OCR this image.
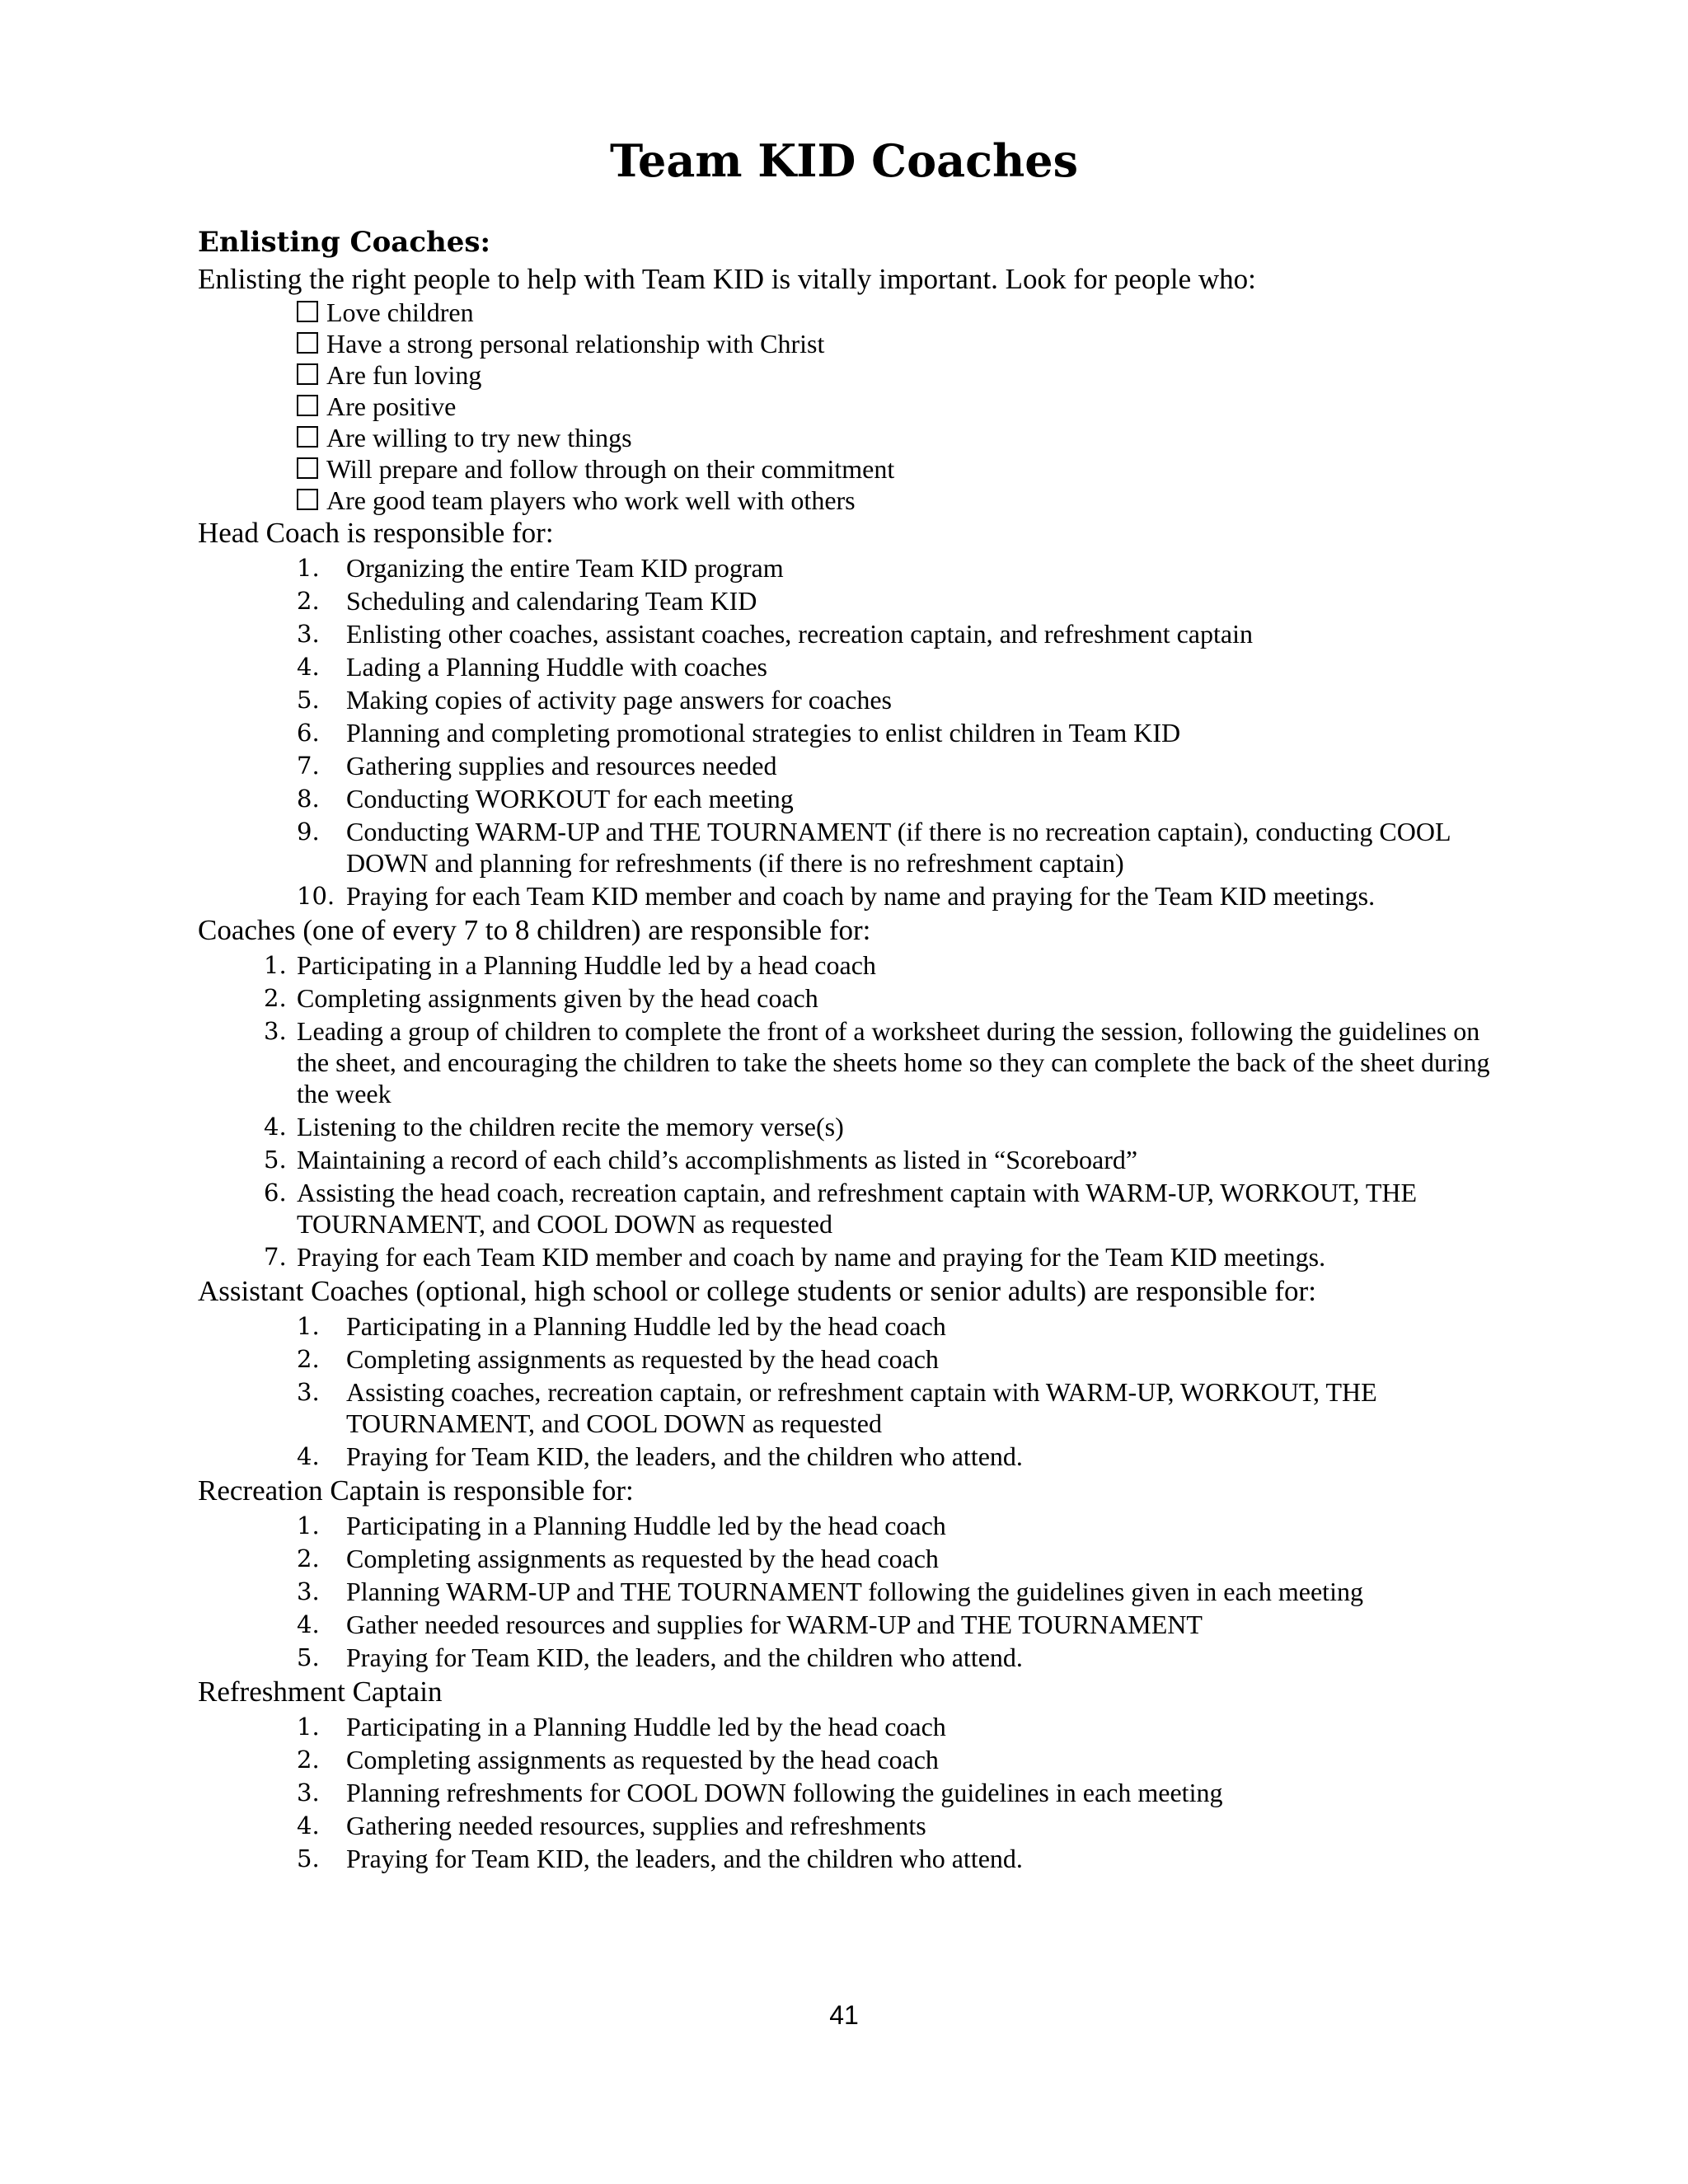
Team KID Coaches

Enlisting Coaches:

Enlisting the right people to help with Team KID is vitally important. Look for people who:

Love children
Have a strong personal relationship with Christ
Are fun loving
Are positive
Are willing to try new things
Will prepare and follow through on their commitment
Are good team players who work well with others

Head Coach is responsible for:

1.	Organizing the entire Team KID program
2.	Scheduling and calendaring Team KID
3.	Enlisting other coaches, assistant coaches, recreation captain, and refreshment captain
4.	Lading a Planning Huddle with coaches
5.	Making copies of activity page answers for coaches
6.	Planning and completing promotional strategies to enlist children in Team KID
7.	Gathering supplies and resources needed
8.	Conducting WORKOUT for each meeting
9.	Conducting WARM-UP and THE TOURNAMENT (if there is no recreation captain), conducting COOL DOWN and planning for refreshments (if there is no refreshment captain)
10. Praying for each Team KID member and coach by name and praying for the Team KID meetings.

Coaches (one of every 7 to 8 children) are responsible for:

1. Participating in a Planning Huddle led by a head coach
2. Completing assignments given by the head coach
3. Leading a group of children to complete the front of a worksheet during the session, following the guidelines on the sheet, and encouraging the children to take the sheets home so they can complete the back of the sheet during the week
4. Listening to the children recite the memory verse(s)
5. Maintaining a record of each child’s accomplishments as listed in “Scoreboard”
6. Assisting the head coach, recreation captain, and refreshment captain with WARM-UP, WORKOUT, THE TOURNAMENT, and COOL DOWN as requested
7. Praying for each Team KID member and coach by name and praying for the Team KID meetings.

Assistant Coaches (optional, high school or college students or senior adults) are responsible for:

1.	Participating in a Planning Huddle led by the head coach
2.	Completing assignments as requested by the head coach
3.	Assisting coaches, recreation captain, or refreshment captain with WARM-UP, WORKOUT, THE TOURNAMENT, and COOL DOWN as requested
4.	Praying for Team KID, the leaders, and the children who attend.

Recreation Captain is responsible for:

1.	Participating in a Planning Huddle led by the head coach
2.	Completing assignments as requested by the head coach
3.	Planning WARM-UP and THE TOURNAMENT following the guidelines given in each meeting
4.	Gather needed resources and supplies for WARM-UP and THE TOURNAMENT
5.	Praying for Team KID, the leaders, and the children who attend.

Refreshment Captain

1.	Participating in a Planning Huddle led by the head coach
2.	Completing assignments as requested by the head coach
3.	Planning refreshments for COOL DOWN following the guidelines in each meeting
4.	Gathering needed resources, supplies and refreshments
5.	Praying for Team KID, the leaders, and the children who attend.
41
